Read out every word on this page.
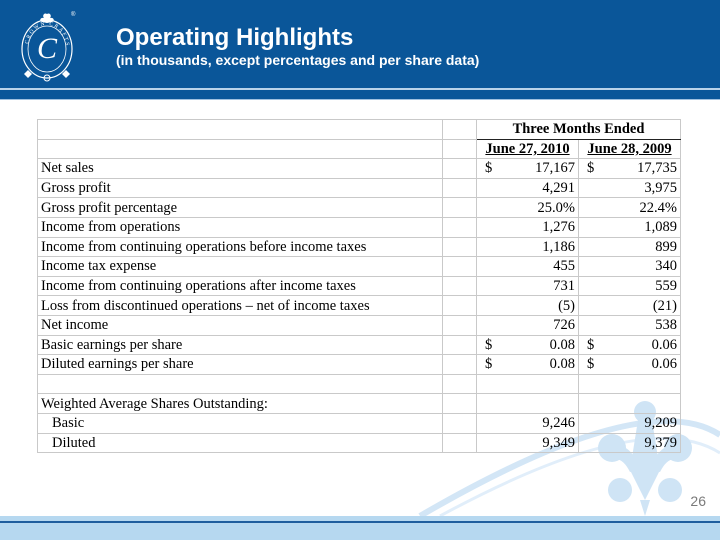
C
®
CROWN CRAFTS Operating Highlights
(in thousands, except percentages and per share data)
		Three Months Ended	
		June 27, 2010	June 28, 2009
Net sales		$ 17,167	$ 17,735
Gross profit		4,291	3,975
Gross profit percentage		25.0%	22.4%
Income from operations		1,276	1,089
Income from continuing operations before income taxes		1,186	899
Income tax expense		455	340
Income from continuing operations after income taxes		731	559
Loss from discontinued operations – net of income taxes		(5)	(21)
Net income		726	538
Basic earnings per share		$ 0.08	$ 0.06
Diluted earnings per share		$ 0.08	$ 0.06

Weighted Average Shares Outstanding:		

Basic		9,246	9,209
Diluted		9,349	9,379
26
